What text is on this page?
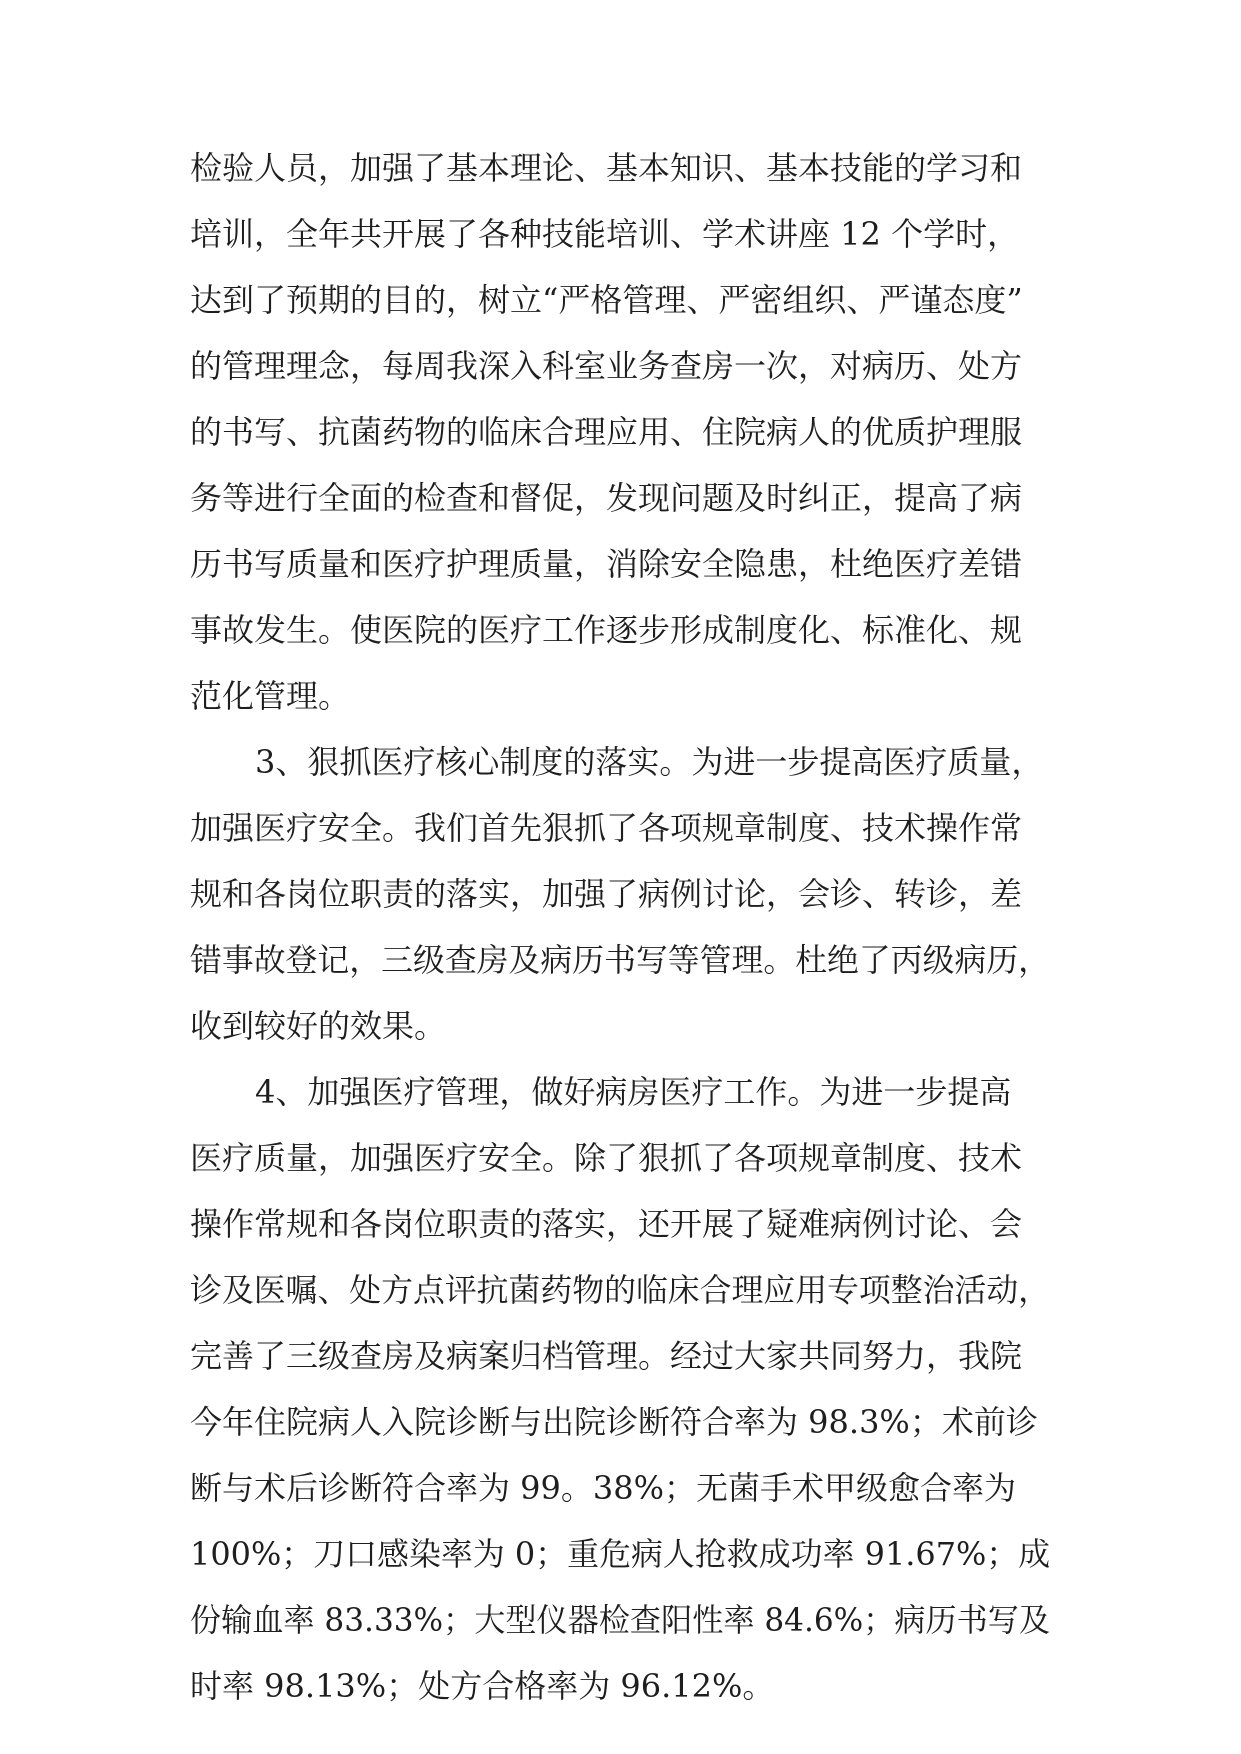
检验人员，加强了基本理论、基本知识、基本技能的学习和

培训，全年共开展了各种技能培训、学术讲座 12 个学时，

达到了预期的目的，树立“严格管理、严密组织、严谨态度”

的管理理念，每周我深入科室业务查房一次，对病历、处方

的书写、抗菌药物的临床合理应用、住院病人的优质护理服

务等进行全面的检查和督促，发现问题及时纠正，提高了病

历书写质量和医疗护理质量，消除安全隐患，杜绝医疗差错

事故发生。使医院的医疗工作逐步形成制度化、标准化、规

范化管理。

3、狠抓医疗核心制度的落实。为进一步提高医疗质量，

加强医疗安全。我们首先狠抓了各项规章制度、技术操作常

规和各岗位职责的落实，加强了病例讨论，会诊、转诊，差

错事故登记，三级查房及病历书写等管理。杜绝了丙级病历，

收到较好的效果。

4、加强医疗管理，做好病房医疗工作。为进一步提高

医疗质量，加强医疗安全。除了狠抓了各项规章制度、技术

操作常规和各岗位职责的落实，还开展了疑难病例讨论、会

诊及医嘱、处方点评抗菌药物的临床合理应用专项整治活动，

完善了三级查房及病案归档管理。经过大家共同努力，我院

今年住院病人入院诊断与出院诊断符合率为 98.3%；术前诊

断与术后诊断符合率为 99。38%；无菌手术甲级愈合率为

100%；刀口感染率为 0；重危病人抢救成功率 91.67%；成

份输血率 83.33%；大型仪器检查阳性率 84.6%；病历书写及

时率 98.13%；处方合格率为 96.12%。
